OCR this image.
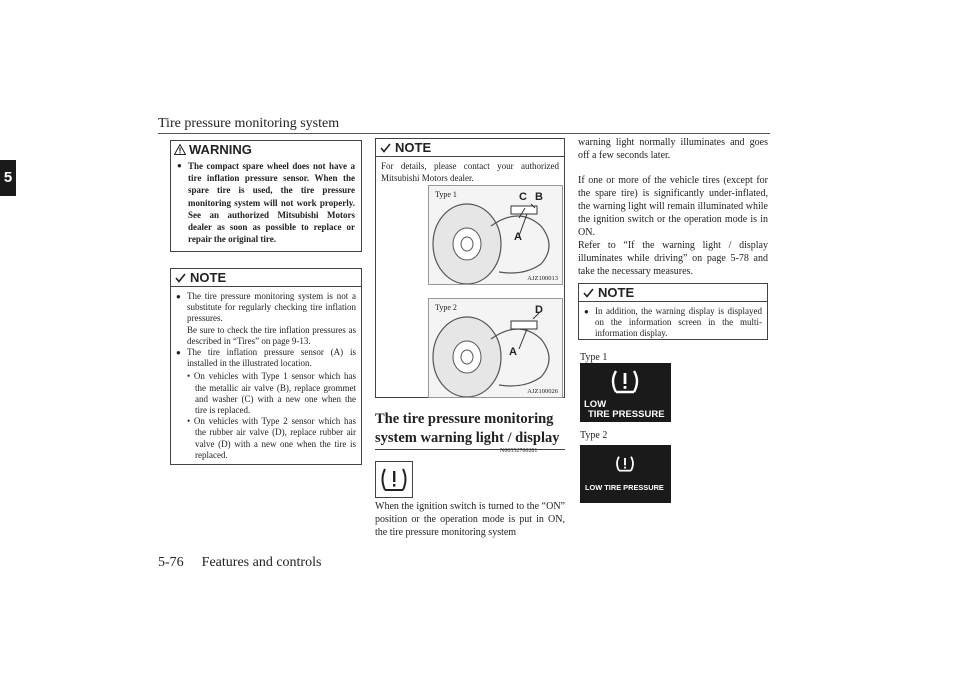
Tire pressure monitoring system
5
WARNING
● The compact spare wheel does not have a tire inflation pressure sensor. When the spare tire is used, the tire pressure monitoring system will not work properly. See an authorized Mitsubishi Motors dealer as soon as possible to replace or repair the original tire.
NOTE
● The tire pressure monitoring system is not a substitute for regularly checking tire inflation pressures.
Be sure to check the tire inflation pressures as described in “Tires” on page 9-13.
● The tire inflation pressure sensor (A) is installed in the illustrated location.
• On vehicles with Type 1 sensor which has the metallic air valve (B), replace grommet and washer (C) with a new one when the tire is replaced.
• On vehicles with Type 2 sensor which has the rubber air valve (D), replace rubber air valve (D) with a new one when the tire is replaced.
NOTE
For details, please contact your authorized Mitsubishi Motors dealer.
Type 1	C B
A
AJZ100013
Type 2	D
A
AJZ100026
The tire pressure monitoring system warning light / display
N00552700281
When the ignition switch is turned to the “ON” position or the operation mode is put in ON, the tire pressure monitoring system
warning light normally illuminates and goes off a few seconds later.
If one or more of the vehicle tires (except for the spare tire) is significantly under-inflated, the warning light will remain illuminated while the ignition switch or the operation mode is in ON.
Refer to “If the warning light / display illuminates while driving” on page 5-78 and take the necessary measures.
NOTE
● In addition, the warning display is displayed on the information screen in the multi-information display.
Type 1
LOW
TIRE PRESSURE
Type 2
LOW TIRE PRESSURE
5-76 Features and controls
